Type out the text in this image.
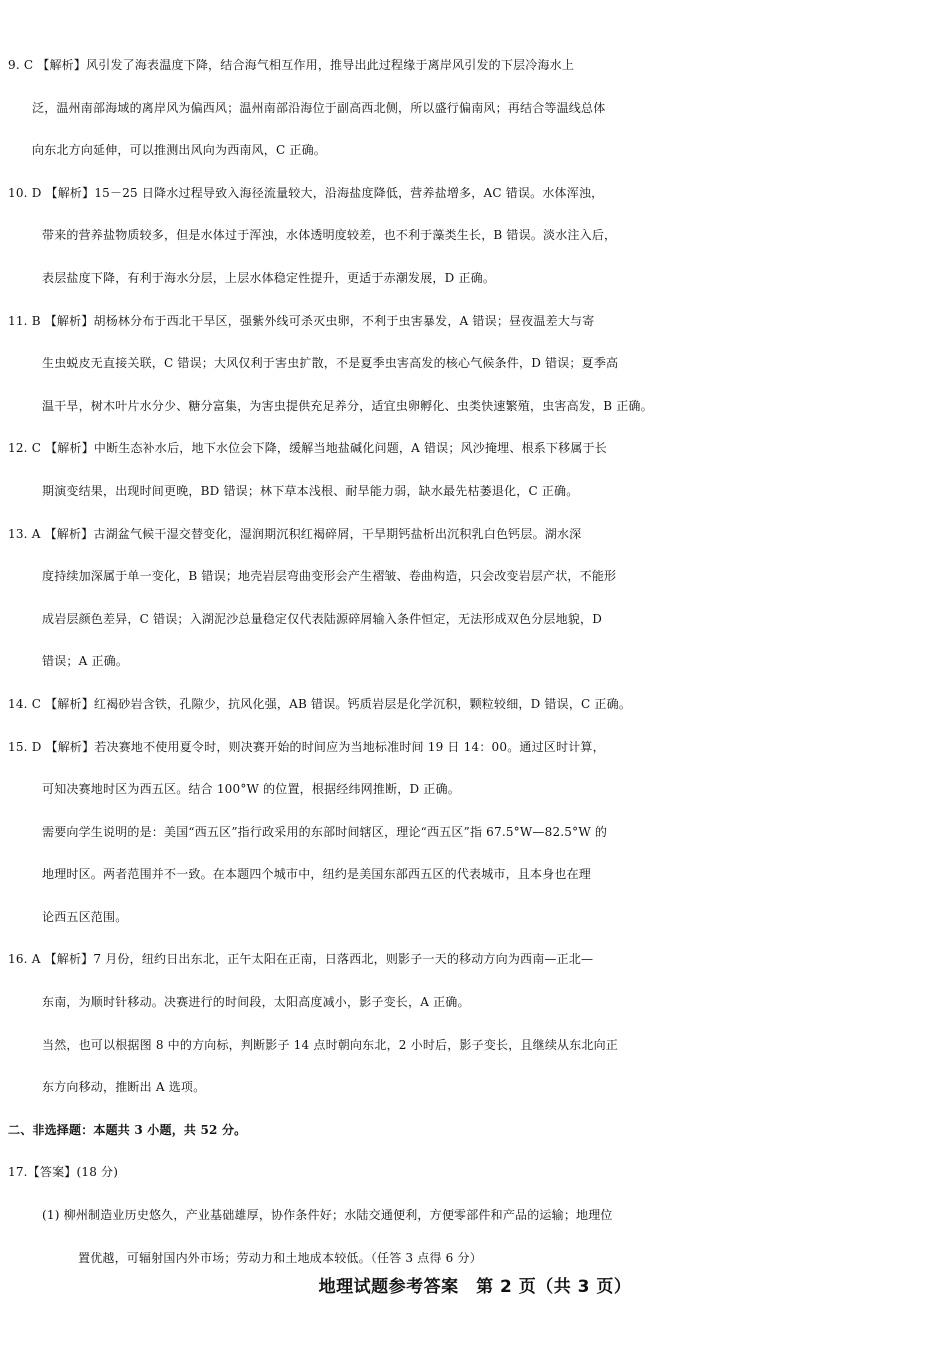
9. C 【解析】风引发了海表温度下降，结合海气相互作用，推导出此过程缘于离岸风引发的下层冷海水上
泛，温州南部海域的离岸风为偏西风；温州南部沿海位于副高西北侧，所以盛行偏南风；再结合等温线总体
向东北方向延伸，可以推测出风向为西南风，C 正确。
10. D 【解析】15－25 日降水过程导致入海径流量较大，沿海盐度降低，营养盐增多，AC 错误。水体浑浊，
带来的营养盐物质较多，但是水体过于浑浊，水体透明度较差，也不利于藻类生长，B 错误。淡水注入后，
表层盐度下降，有利于海水分层，上层水体稳定性提升，更适于赤潮发展，D 正确。
11. B 【解析】胡杨林分布于西北干旱区，强紫外线可杀灭虫卵，不利于虫害暴发，A 错误；昼夜温差大与寄
生虫蜕皮无直接关联，C 错误；大风仅利于害虫扩散，不是夏季虫害高发的核心气候条件，D 错误；夏季高
温干旱，树木叶片水分少、糖分富集，为害虫提供充足养分，适宜虫卵孵化、虫类快速繁殖，虫害高发，B 正确。
12. C 【解析】中断生态补水后，地下水位会下降，缓解当地盐碱化问题，A 错误；风沙掩埋、根系下移属于长
期演变结果，出现时间更晚，BD 错误；林下草本浅根、耐旱能力弱，缺水最先枯萎退化，C 正确。
13. A 【解析】古湖盆气候干湿交替变化，湿润期沉积红褐碎屑，干旱期钙盐析出沉积乳白色钙层。湖水深
度持续加深属于单一变化，B 错误；地壳岩层弯曲变形会产生褶皱、卷曲构造，只会改变岩层产状，不能形
成岩层颜色差异，C 错误；入湖泥沙总量稳定仅代表陆源碎屑输入条件恒定，无法形成双色分层地貌，D
错误；A 正确。
14. C 【解析】红褐砂岩含铁，孔隙少，抗风化强，AB 错误。钙质岩层是化学沉积，颗粒较细，D 错误，C 正确。
15. D 【解析】若决赛地不使用夏令时，则决赛开始的时间应为当地标准时间 19 日 14：00。通过区时计算，
可知决赛地时区为西五区。结合 100°W 的位置，根据经纬网推断，D 正确。
需要向学生说明的是：美国“西五区”指行政采用的东部时间辖区，理论“西五区”指 67.5°W—82.5°W 的
地理时区。两者范围并不一致。在本题四个城市中，纽约是美国东部西五区的代表城市，且本身也在理
论西五区范围。
16. A 【解析】7 月份，纽约日出东北，正午太阳在正南，日落西北，则影子一天的移动方向为西南—正北—
东南，为顺时针移动。决赛进行的时间段，太阳高度减小，影子变长，A 正确。
当然，也可以根据图 8 中的方向标，判断影子 14 点时朝向东北，2 小时后，影子变长，且继续从东北向正
东方向移动，推断出 A 选项。
二、非选择题：本题共 3 小题，共 52 分。
17.【答案】(18 分)
(1) 柳州制造业历史悠久，产业基础雄厚，协作条件好；水陆交通便利，方便零部件和产品的运输；地理位
置优越，可辐射国内外市场；劳动力和土地成本较低。（任答 3 点得 6 分）
地理试题参考答案　第 2 页（共 3 页）
